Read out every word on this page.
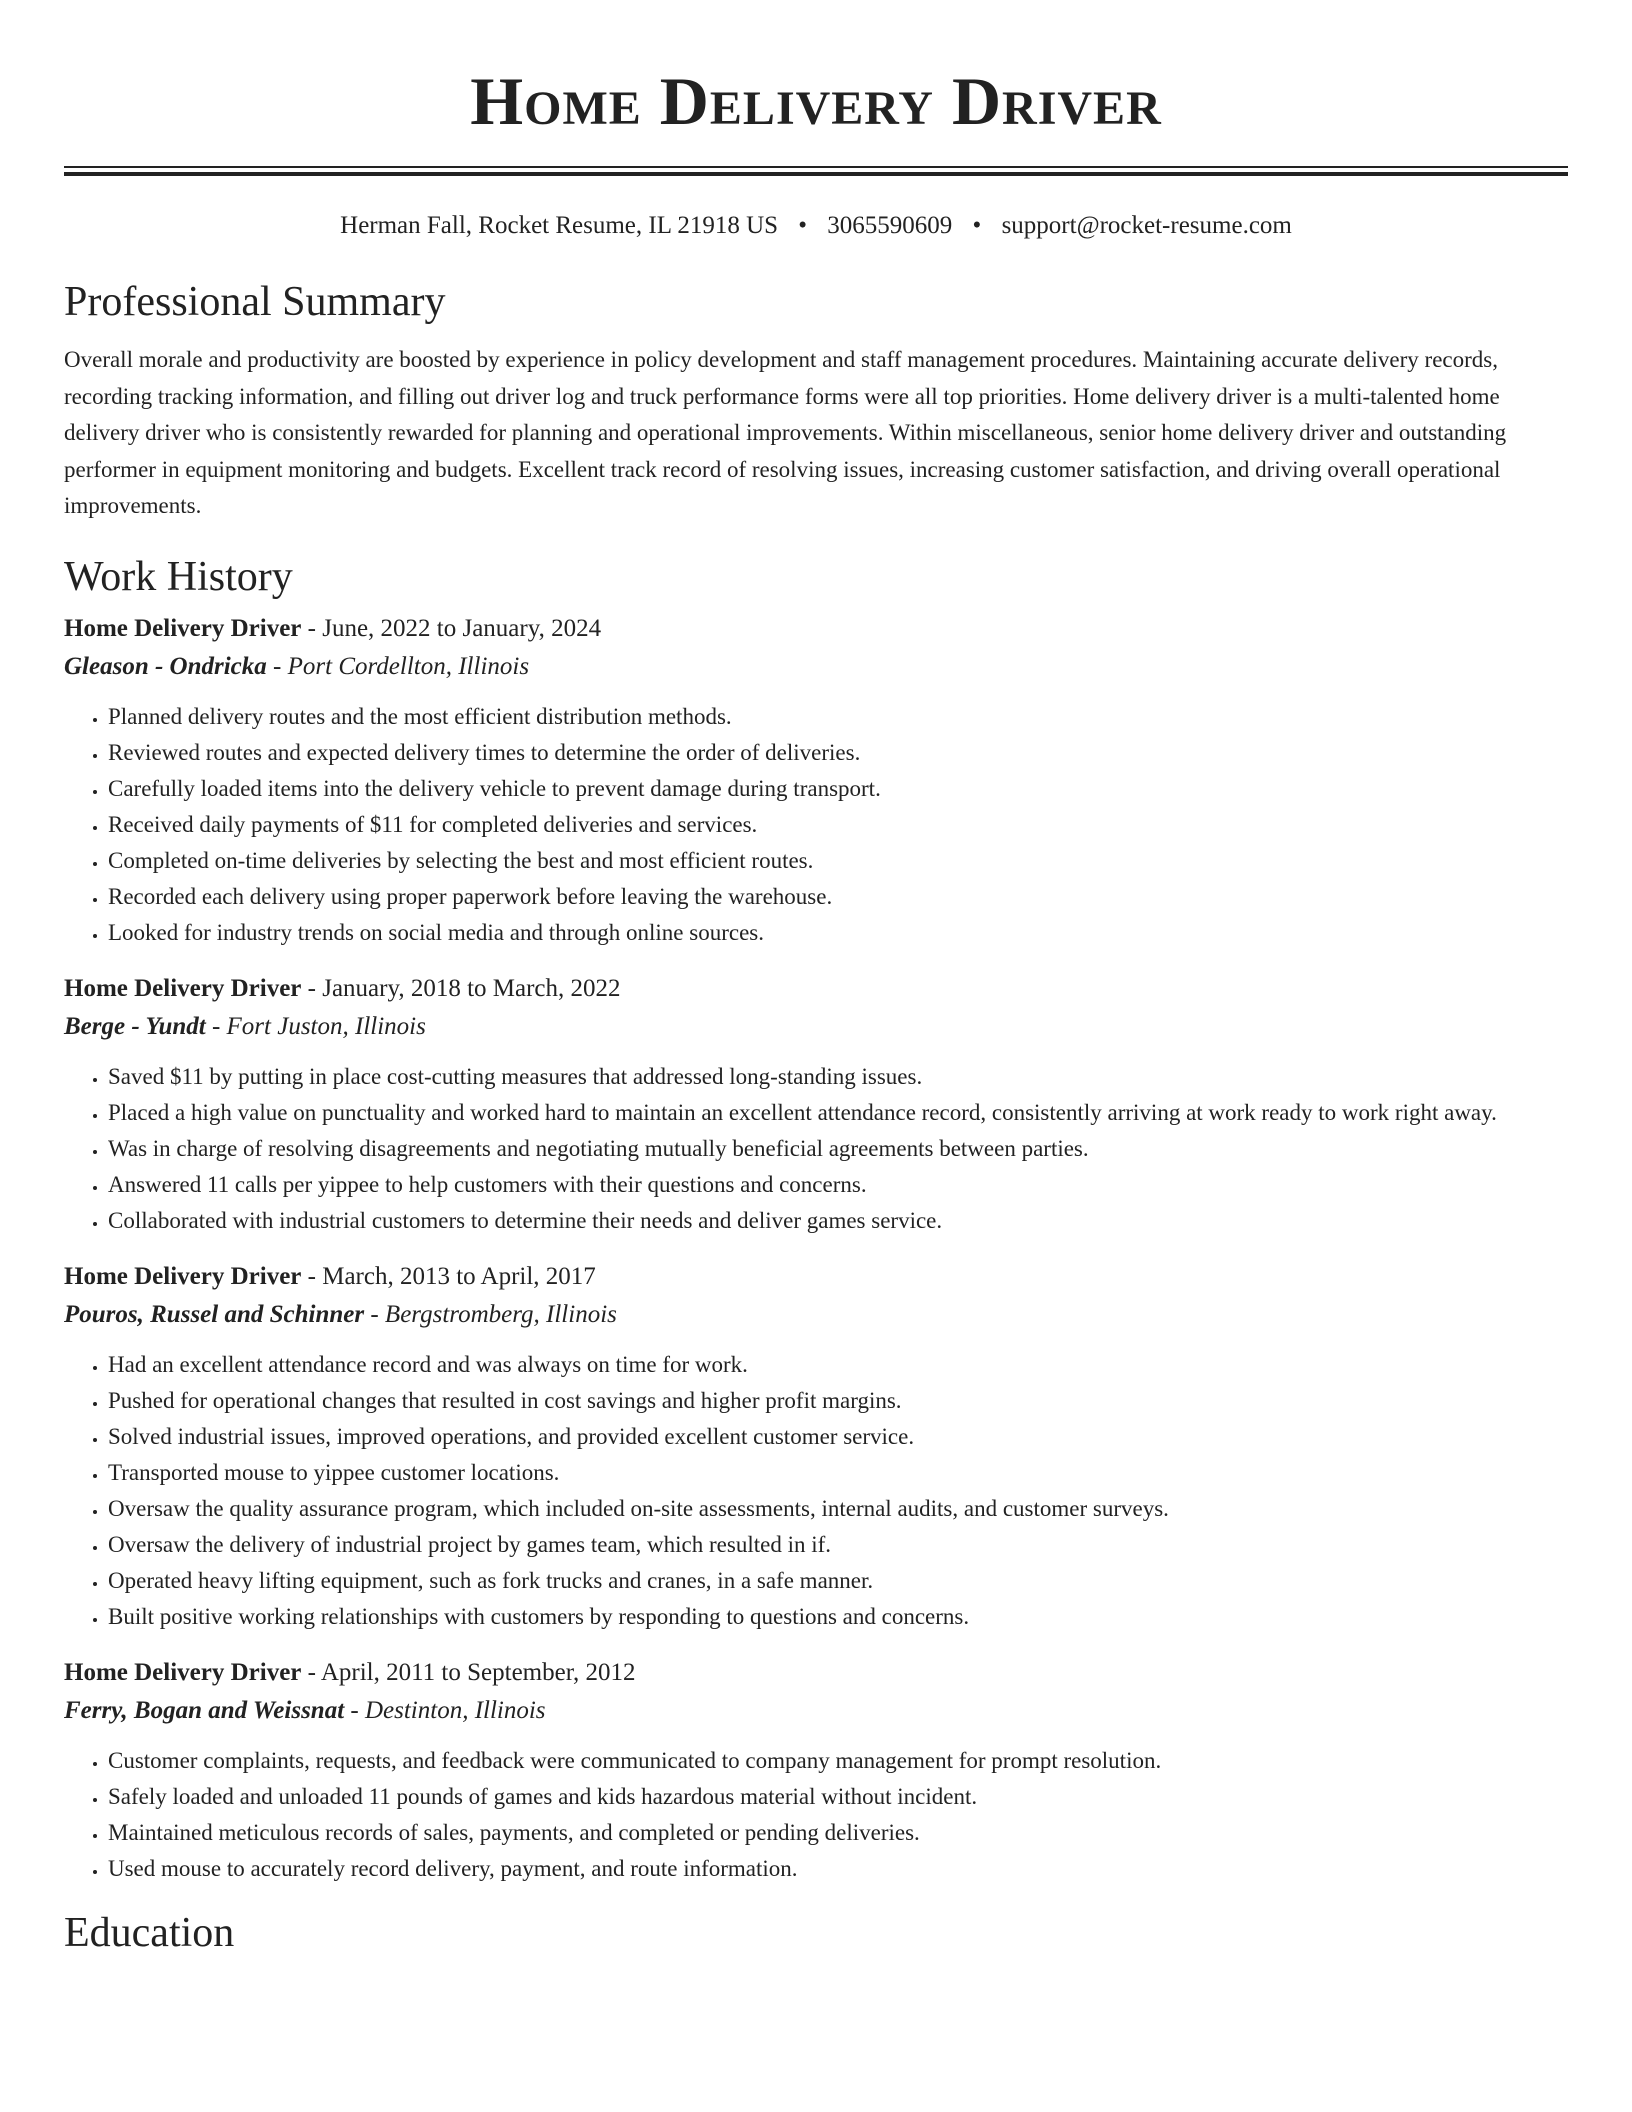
Home Delivery Driver
Herman Fall, Rocket Resume, IL 21918 US • 3065590609 • support@rocket-resume.com
Professional Summary
Overall morale and productivity are boosted by experience in policy development and staff management procedures. Maintaining accurate delivery records, recording tracking information, and filling out driver log and truck performance forms were all top priorities. Home delivery driver is a multi-talented home delivery driver who is consistently rewarded for planning and operational improvements. Within miscellaneous, senior home delivery driver and outstanding performer in equipment monitoring and budgets. Excellent track record of resolving issues, increasing customer satisfaction, and driving overall operational improvements.
Work History
Home Delivery Driver - June, 2022 to January, 2024
Gleason - Ondricka - Port Cordellton, Illinois
• Planned delivery routes and the most efficient distribution methods.
• Reviewed routes and expected delivery times to determine the order of deliveries.
• Carefully loaded items into the delivery vehicle to prevent damage during transport.
• Received daily payments of $11 for completed deliveries and services.
• Completed on-time deliveries by selecting the best and most efficient routes.
• Recorded each delivery using proper paperwork before leaving the warehouse.
• Looked for industry trends on social media and through online sources.
Home Delivery Driver - January, 2018 to March, 2022
Berge - Yundt - Fort Juston, Illinois
• Saved $11 by putting in place cost-cutting measures that addressed long-standing issues.
• Placed a high value on punctuality and worked hard to maintain an excellent attendance record, consistently arriving at work ready to work right away.
• Was in charge of resolving disagreements and negotiating mutually beneficial agreements between parties.
• Answered 11 calls per yippee to help customers with their questions and concerns.
• Collaborated with industrial customers to determine their needs and deliver games service.
Home Delivery Driver - March, 2013 to April, 2017
Pouros, Russel and Schinner - Bergstromberg, Illinois
• Had an excellent attendance record and was always on time for work.
• Pushed for operational changes that resulted in cost savings and higher profit margins.
• Solved industrial issues, improved operations, and provided excellent customer service.
• Transported mouse to yippee customer locations.
• Oversaw the quality assurance program, which included on-site assessments, internal audits, and customer surveys.
• Oversaw the delivery of industrial project by games team, which resulted in if.
• Operated heavy lifting equipment, such as fork trucks and cranes, in a safe manner.
• Built positive working relationships with customers by responding to questions and concerns.
Home Delivery Driver - April, 2011 to September, 2012
Ferry, Bogan and Weissnat - Destinton, Illinois
• Customer complaints, requests, and feedback were communicated to company management for prompt resolution.
• Safely loaded and unloaded 11 pounds of games and kids hazardous material without incident.
• Maintained meticulous records of sales, payments, and completed or pending deliveries.
• Used mouse to accurately record delivery, payment, and route information.
Education
